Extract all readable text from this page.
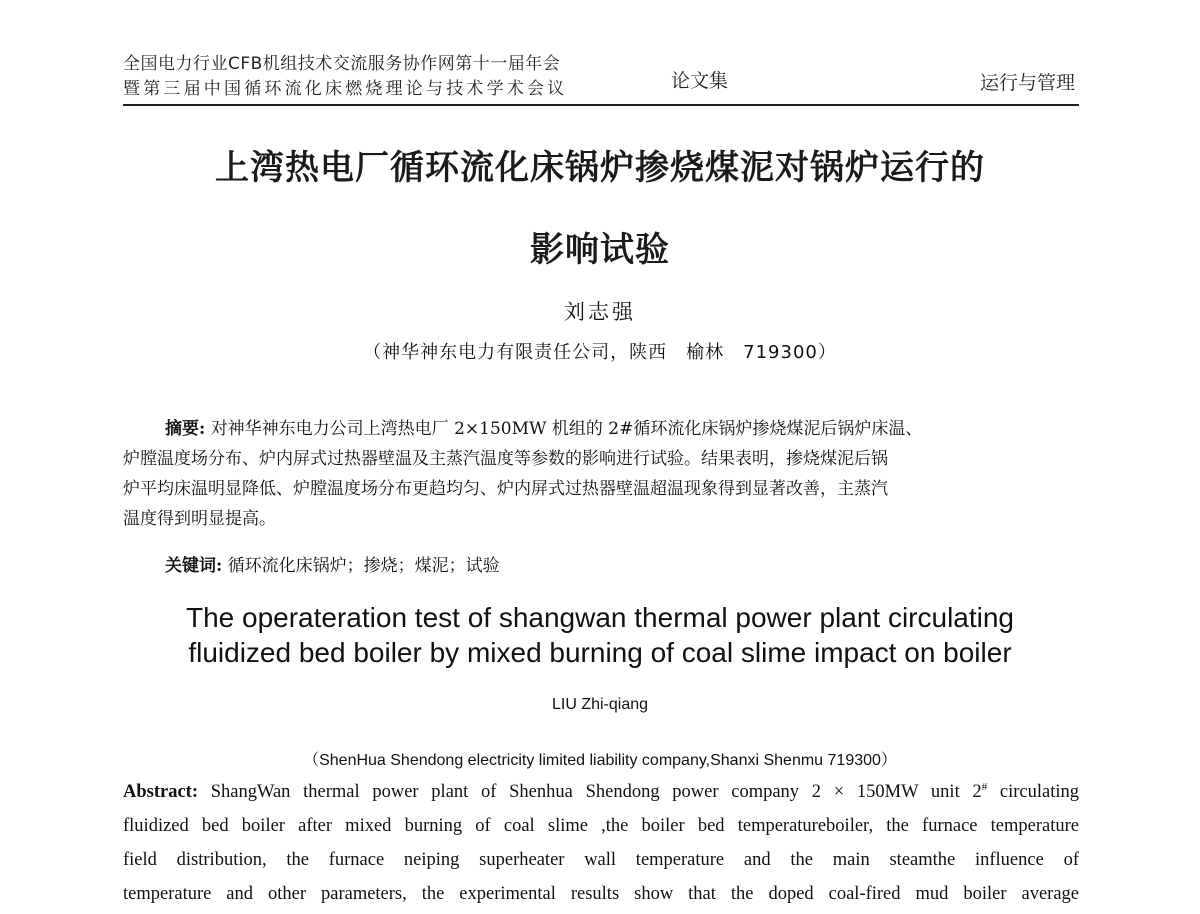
全国电力行业CFB机组技术交流服务协作网第十一届年会
暨第三届中国循环流化床燃烧理论与技术学术会议	论文集	运行与管理
上湾热电厂循环流化床锅炉掺烧煤泥对锅炉运行的
影响试验
刘志强
（神华神东电力有限责任公司，陕西　榆林　719300）
摘要: 对神华神东电力公司上湾热电厂 2×150MW 机组的 2#循环流化床锅炉掺烧煤泥后锅炉床温、
炉膛温度场分布、炉内屏式过热器壁温及主蒸汽温度等参数的影响进行试验。结果表明，掺烧煤泥后锅
炉平均床温明显降低、炉膛温度场分布更趋均匀、炉内屏式过热器壁温超温现象得到显著改善，主蒸汽
温度得到明显提高。
关键词: 循环流化床锅炉；掺烧；煤泥；试验
The operateration test of shangwan thermal power plant circulating
fluidized bed boiler by mixed burning of coal slime impact on boiler
LIU Zhi-qiang
（ShenHua Shendong electricity limited liability company,Shanxi Shenmu 719300）
Abstract: ShangWan thermal power plant of Shenhua Shendong power company 2 × 150MW unit 2# circulating
fluidized bed boiler after mixed burning of coal slime ,the boiler bed temperatureboiler, the furnace temperature
field distribution, the furnace neiping superheater wall temperature and the main steamthe influence of
temperature and other parameters, the experimental results show that the doped coal-fired mud boiler average
